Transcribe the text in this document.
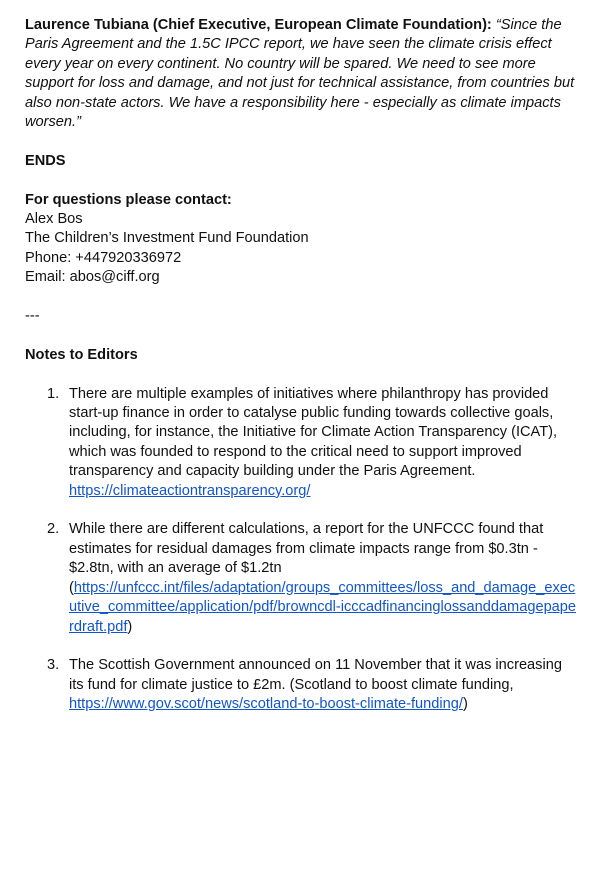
Laurence Tubiana (Chief Executive, European Climate Foundation): “Since the Paris Agreement and the 1.5C IPCC report, we have seen the climate crisis effect every year on every continent. No country will be spared. We need to see more support for loss and damage, and not just for technical assistance, from countries but also non-state actors. We have a responsibility here - especially as climate impacts worsen.”

ENDS

For questions please contact:

Alex Bos

The Children’s Investment Fund Foundation

Phone: +447920336972

Email: abos@ciff.org

---

Notes to Editors

1. There are multiple examples of initiatives where philanthropy has provided start-up finance in order to catalyse public funding towards collective goals, including, for instance, the Initiative for Climate Action Transparency (ICAT), which was founded to respond to the critical need to support improved transparency and capacity building under the Paris Agreement.
https://climateactiontransparency.org/
2. While there are different calculations, a report for the UNFCCC found that estimates for residual damages from climate impacts range from $0.3tn - $2.8tn, with an average of $1.2tn
(https://unfccc.int/files/adaptation/groups_committees/loss_and_damage_executive_committee/application/pdf/browncdl-icccadfinancinglossanddamagepaperdraft.pdf)
3. The Scottish Government announced on 11 November that it was increasing its fund for climate justice to £2m. (Scotland to boost climate funding,
https://www.gov.scot/news/scotland-to-boost-climate-funding/)
